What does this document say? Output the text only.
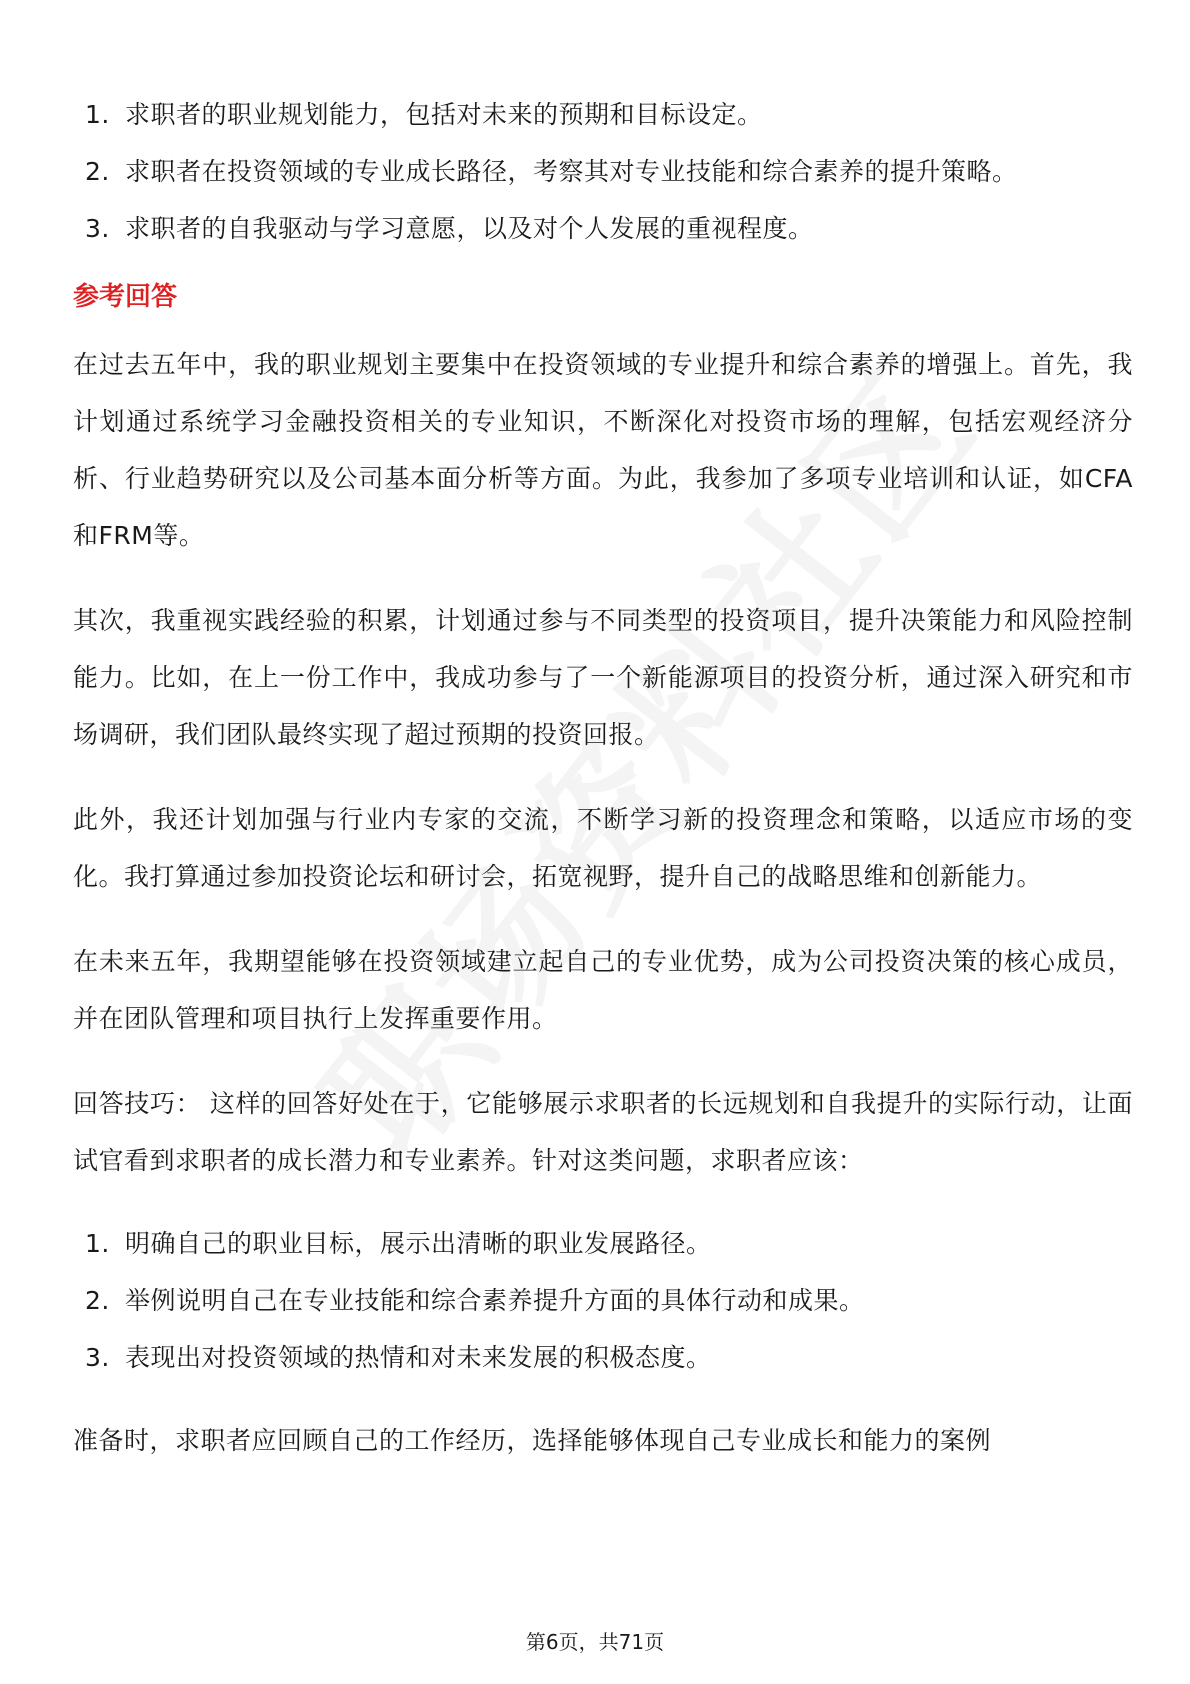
1. 求职者的职业规划能力，包括对未来的预期和目标设定。
2. 求职者在投资领域的专业成长路径，考察其对专业技能和综合素养的提升策略。
3. 求职者的自我驱动与学习意愿，以及对个人发展的重视程度。
参考回答

在过去五年中，我的职业规划主要集中在投资领域的专业提升和综合素养的增强上。首先，我计划通过系统学习金融投资相关的专业知识，不断深化对投资市场的理解，包括宏观经济分析、行业趋势研究以及公司基本面分析等方面。为此，我参加了多项专业培训和认证，如CFA和FRM等。

其次，我重视实践经验的积累，计划通过参与不同类型的投资项目，提升决策能力和风险控制能力。比如，在上一份工作中，我成功参与了一个新能源项目的投资分析，通过深入研究和市场调研，我们团队最终实现了超过预期的投资回报。

此外，我还计划加强与行业内专家的交流，不断学习新的投资理念和策略，以适应市场的变化。我打算通过参加投资论坛和研讨会，拓宽视野，提升自己的战略思维和创新能力。

在未来五年，我期望能够在投资领域建立起自己的专业优势，成为公司投资决策的核心成员，并在团队管理和项目执行上发挥重要作用。

回答技巧： 这样的回答好处在于，它能够展示求职者的长远规划和自我提升的实际行动，让面试官看到求职者的成长潜力和专业素养。针对这类问题，求职者应该：

1. 明确自己的职业目标，展示出清晰的职业发展路径。
2. 举例说明自己在专业技能和综合素养提升方面的具体行动和成果。
3. 表现出对投资领域的热情和对未来发展的积极态度。

准备时，求职者应回顾自己的工作经历，选择能够体现自己专业成长和能力的案例

第6页，共71页
